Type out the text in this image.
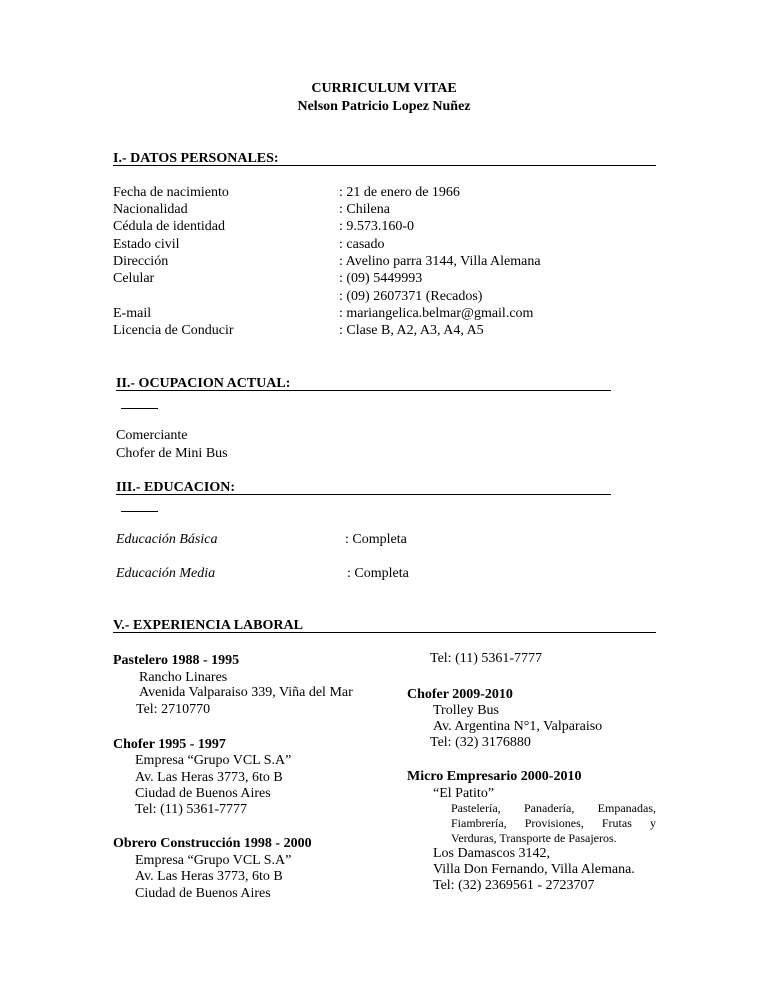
CURRICULUM VITAE
Nelson Patricio Lopez Nuñez
I.- DATOS PERSONALES:
Fecha de nacimiento	: 21 de enero de 1966
Nacionalidad	: Chilena
Cédula de identidad	: 9.573.160-0
Estado civil	: casado
Dirección	: Avelino parra 3144, Villa Alemana
Celular	: (09) 5449993
: (09) 2607371 (Recados)
E-mail	: mariangelica.belmar@gmail.com
Licencia de Conducir	: Clase B, A2, A3, A4, A5
II.- OCUPACION ACTUAL:
Comerciante
Chofer de Mini Bus
III.- EDUCACION:
Educación Básica	: Completa
Educación Media	: Completa
V.- EXPERIENCIA LABORAL
Pastelero 1988 - 1995
Rancho Linares
Avenida Valparaiso 339, Viña del Mar
Tel: 2710770
Chofer 1995 - 1997
Empresa “Grupo VCL S.A”
Av. Las Heras 3773, 6to B
Ciudad de Buenos Aires
Tel: (11) 5361-7777
Obrero Construcción 1998 - 2000
Empresa “Grupo VCL S.A”
Av. Las Heras 3773, 6to B
Ciudad de Buenos Aires
Tel: (11) 5361-7777
Chofer 2009-2010
Trolley Bus
Av. Argentina N°1, Valparaiso
Tel: (32) 3176880
Micro Empresario 2000-2010
“El Patito”
Pastelería, Panadería, Empanadas, Fiambrería, Provisiones, Frutas y Verduras, Transporte de Pasajeros.
Los Damascos 3142,
Villa Don Fernando, Villa Alemana.
Tel: (32) 2369561 - 2723707
